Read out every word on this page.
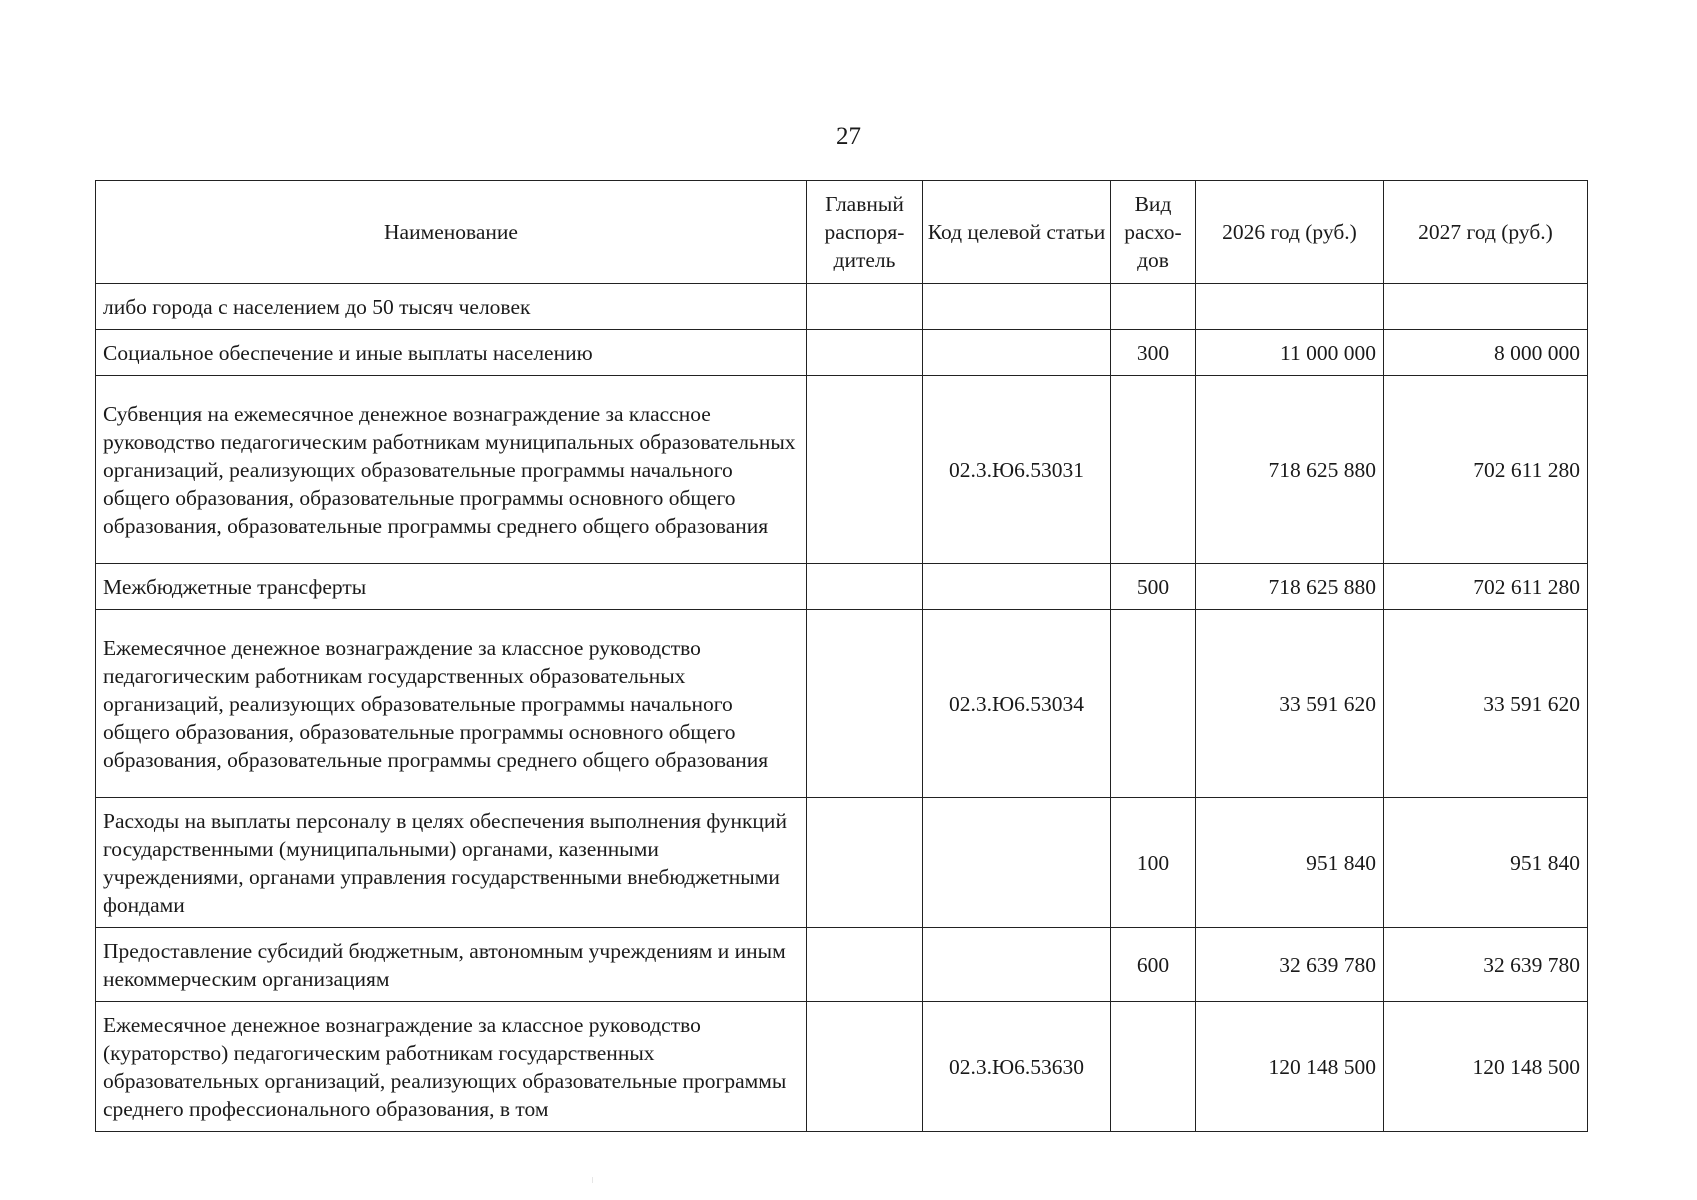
27
Наименование	Главный распоря-дитель	Код целевой статьи	Вид расхо-дов	2026 год (руб.)	2027 год (руб.)
либо города с населением до 50 тысяч человек					
Социальное обеспечение и иные выплаты населению			300	11 000 000	8 000 000
Субвенция на ежемесячное денежное вознаграждение за классное руководство педагогическим работникам муниципальных образовательных организаций, реализующих образовательные программы начального общего образования, образовательные программы основного общего образования, образовательные программы среднего общего образования		02.3.Ю6.53031		718 625 880	702 611 280
Межбюджетные трансферты			500	718 625 880	702 611 280
Ежемесячное денежное вознаграждение за классное руководство педагогическим работникам государственных образовательных организаций, реализующих образовательные программы начального общего образования, образовательные программы основного общего образования, образовательные программы среднего общего образования		02.3.Ю6.53034		33 591 620	33 591 620
Расходы на выплаты персоналу в целях обеспечения выполнения функций государственными (муниципальными) органами, казенными учреждениями, органами управления государственными внебюджетными фондами			100	951 840	951 840
Предоставление субсидий бюджетным, автономным учреждениям и иным некоммерческим организациям			600	32 639 780	32 639 780
Ежемесячное денежное вознаграждение за классное руководство (кураторство) педагогическим работникам государственных образовательных организаций, реализующих образовательные программы среднего профессионального образования, в том		02.3.Ю6.53630		120 148 500	120 148 500
